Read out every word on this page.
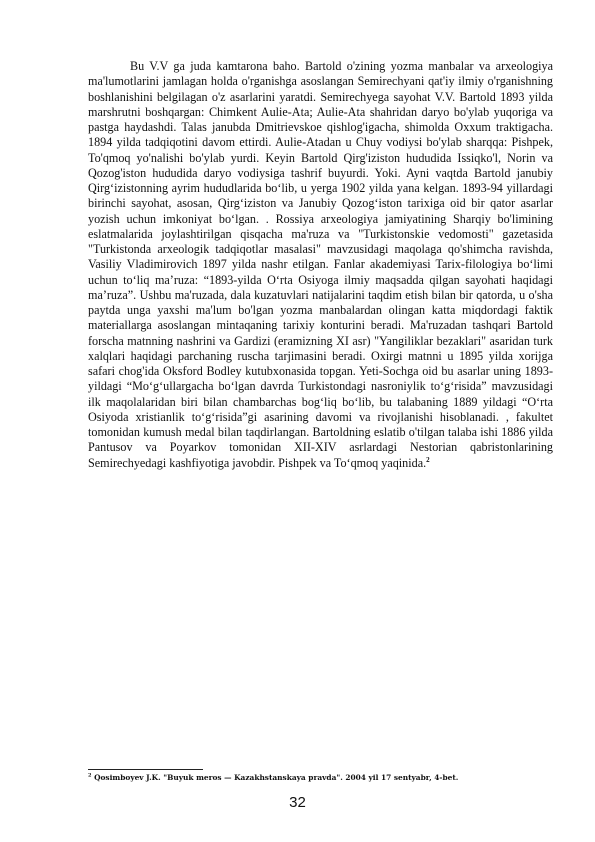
Bu V.V ga juda kamtarona baho. Bartold o'zining yozma manbalar va arxeologiya ma'lumotlarini jamlagan holda o'rganishga asoslangan Semirechyani qat'iy ilmiy o'rganishning boshlanishini belgilagan o'z asarlarini yaratdi. Semirechyega sayohat V.V. Bartold 1893 yilda marshrutni boshqargan: Chimkent Aulie-Ata; Aulie-Ata shahridan daryo bo'ylab yuqoriga va pastga haydashdi. Talas janubda Dmitrievskoe qishlog'igacha, shimolda Oxxum traktigacha. 1894 yilda tadqiqotini davom ettirdi. Aulie-Atadan u Chuy vodiysi bo'ylab sharqqa: Pishpek, To'qmoq yo'nalishi bo'ylab yurdi. Keyin Bartold Qirg'iziston hududida Issiqko'l, Norin va Qozog'iston hududida daryo vodiysiga tashrif buyurdi. Yoki. Ayni vaqtda Bartold janubiy Qirg‘izistonning ayrim hududlarida bo‘lib, u yerga 1902 yilda yana kelgan. 1893-94 yillardagi birinchi sayohat, asosan, Qirg‘iziston va Janubiy Qozog‘iston tarixiga oid bir qator asarlar yozish uchun imkoniyat bo‘lgan. . Rossiya arxeologiya jamiyatining Sharqiy bo'limining eslatmalarida joylashtirilgan qisqacha ma'ruza va "Turkistonskie vedomosti" gazetasida "Turkistonda arxeologik tadqiqotlar masalasi" mavzusidagi maqolaga qo'shimcha ravishda, Vasiliy Vladimirovich 1897 yilda nashr etilgan. Fanlar akademiyasi Tarix-filologiya bo‘limi uchun to‘liq ma’ruza: “1893-yilda O‘rta Osiyoga ilmiy maqsadda qilgan sayohati haqidagi ma’ruza”. Ushbu ma'ruzada, dala kuzatuvlari natijalarini taqdim etish bilan bir qatorda, u o'sha paytda unga yaxshi ma'lum bo'lgan yozma manbalardan olingan katta miqdordagi faktik materiallarga asoslangan mintaqaning tarixiy konturini beradi. Ma'ruzadan tashqari Bartold forscha matnning nashrini va Gardizi (eramizning XI asr) "Yangiliklar bezaklari" asaridan turk xalqlari haqidagi parchaning ruscha tarjimasini beradi. Oxirgi matnni u 1895 yilda xorijga safari chog'ida Oksford Bodley kutubxonasida topgan. Yeti-Sochga oid bu asarlar uning 1893-yildagi “Mo‘g‘ullargacha bo‘lgan davrda Turkistondagi nasroniylik to‘g‘risida” mavzusidagi ilk maqolalaridan biri bilan chambarchas bog‘liq bo‘lib, bu talabaning 1889 yildagi “O‘rta Osiyoda xristianlik to‘g‘risida”gi asarining davomi va rivojlanishi hisoblanadi. , fakultet tomonidan kumush medal bilan taqdirlangan. Bartoldning eslatib o'tilgan talaba ishi 1886 yilda Pantusov va Poyarkov tomonidan XII-XIV asrlardagi Nestorian qabristonlarining Semirechyedagi kashfiyotiga javobdir. Pishpek va To‘qmoq yaqinida.$^2$

$^2$ Qosimboyev J.K. "Buyuk meros — Kazakhstanskaya pravda". 2004 yil 17 sentyabr, 4-bet.

32
